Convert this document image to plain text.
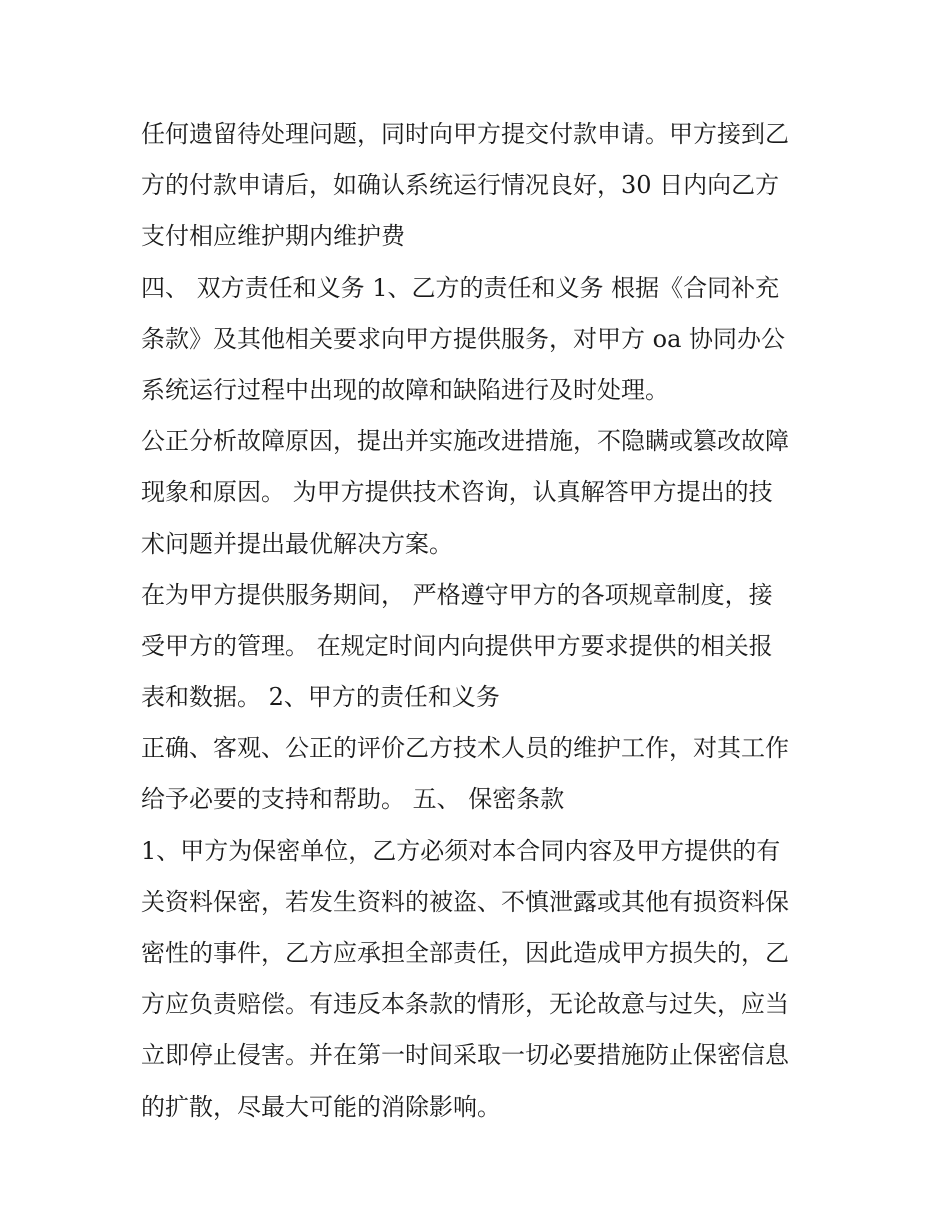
任何遗留待处理问题，同时向甲方提交付款申请。甲方接到乙
方的付款申请后，如确认系统运行情况良好，30 日内向乙方
支付相应维护期内维护费
四、 双方责任和义务 1、乙方的责任和义务 根据《合同补充
条款》及其他相关要求向甲方提供服务，对甲方 oa 协同办公
系统运行过程中出现的故障和缺陷进行及时处理。
公正分析故障原因，提出并实施改进措施，不隐瞒或篡改故障
现象和原因。 为甲方提供技术咨询，认真解答甲方提出的技
术问题并提出最优解决方案。
在为甲方提供服务期间， 严格遵守甲方的各项规章制度，接
受甲方的管理。 在规定时间内向提供甲方要求提供的相关报
表和数据。 2、甲方的责任和义务
正确、客观、公正的评价乙方技术人员的维护工作，对其工作
给予必要的支持和帮助。 五、 保密条款
1、甲方为保密单位，乙方必须对本合同内容及甲方提供的有
关资料保密，若发生资料的被盗、不慎泄露或其他有损资料保
密性的事件，乙方应承担全部责任，因此造成甲方损失的，乙
方应负责赔偿。有违反本条款的情形，无论故意与过失，应当
立即停止侵害。并在第一时间采取一切必要措施防止保密信息
的扩散，尽最大可能的消除影响。
